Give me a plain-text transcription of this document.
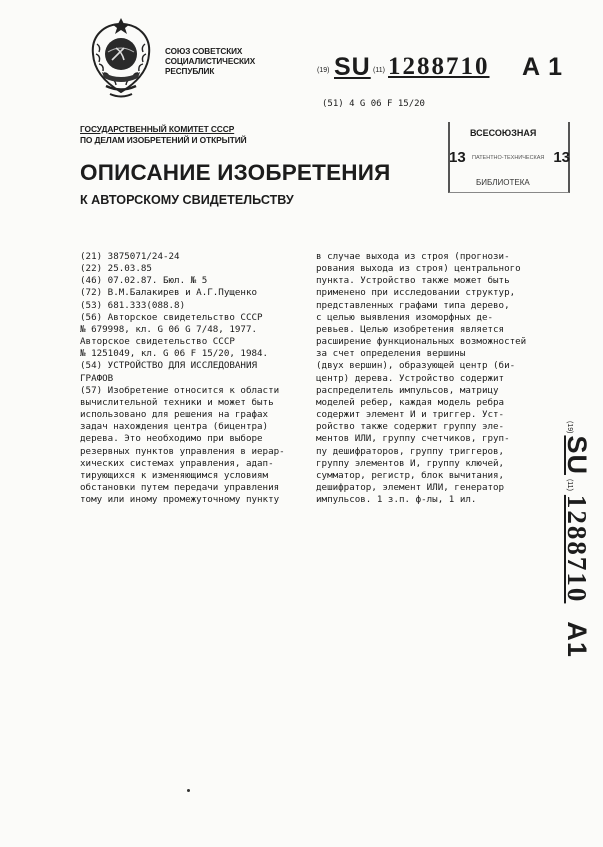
СОЮЗ СОВЕТСКИХ
СОЦИАЛИСТИЧЕСКИХ
РЕСПУБЛИК	(19) SU (11) 1288710 A 1
(51) 4 G 06 F 15/20
ГОСУДАРСТВЕННЫЙ КОМИТЕТ СССР
ПО ДЕЛАМ ИЗОБРЕТЕНИЙ И ОТКРЫТИЙ
ВСЕСОЮЗНАЯ
13 ПАТЕНТНО-ТЕХНИЧЕСКАЯ 13
БИБЛИОТЕКА
ОПИСАНИЕ ИЗОБРЕТЕНИЯ
К АВТОРСКОМУ СВИДЕТЕЛЬСТВУ
(21) 3875071/24-24
(22) 25.03.85
(46) 07.02.87. Бюл. № 5
(72) В.М.Балакирев и А.Г.Пущенко
(53) 681.333(088.8)
(56) Авторское свидетельство СССР
№ 679998, кл. G 06 G 7/48, 1977.
Авторское свидетельство СССР
№ 1251049, кл. G 06 F 15/20, 1984.
(54) УСТРОЙСТВО ДЛЯ ИССЛЕДОВАНИЯ
ГРАФОВ
(57) Изобретение относится к области
вычислительной техники и может быть
использовано для решения на графах
задач нахождения центра (бицентра)
дерева. Это необходимо при выборе
резервных пунктов управления в иерар-
хических системах управления, адап-
тирующихся к изменяющимся условиям
обстановки путем передачи управления
тому или иному промежуточному пункту
в случае выхода из строя (прогнози-
рования выхода из строя) центрального
пункта. Устройство также может быть
применено при исследовании структур,
представленных графами типа дерево,
с целью выявления изоморфных де-
ревьев. Целью изобретения является
расширение функциональных возможностей
за счет определения вершины
(двух вершин), образующей центр (би-
центр) дерева. Устройство содержит
распределитель импульсов, матрицу
моделей ребер, каждая модель ребра
содержит элемент И и триггер. Уст-
ройство также содержит группу эле-
ментов ИЛИ, группу счетчиков, груп-
пу дешифраторов, группу триггеров,
группу элементов И, группу ключей,
сумматор, регистр, блок вычитания,
дешифратор, элемент ИЛИ, генератор
импульсов. 1 з.п. ф-лы, 1 ил.
(19)SU(11)1288710A1
